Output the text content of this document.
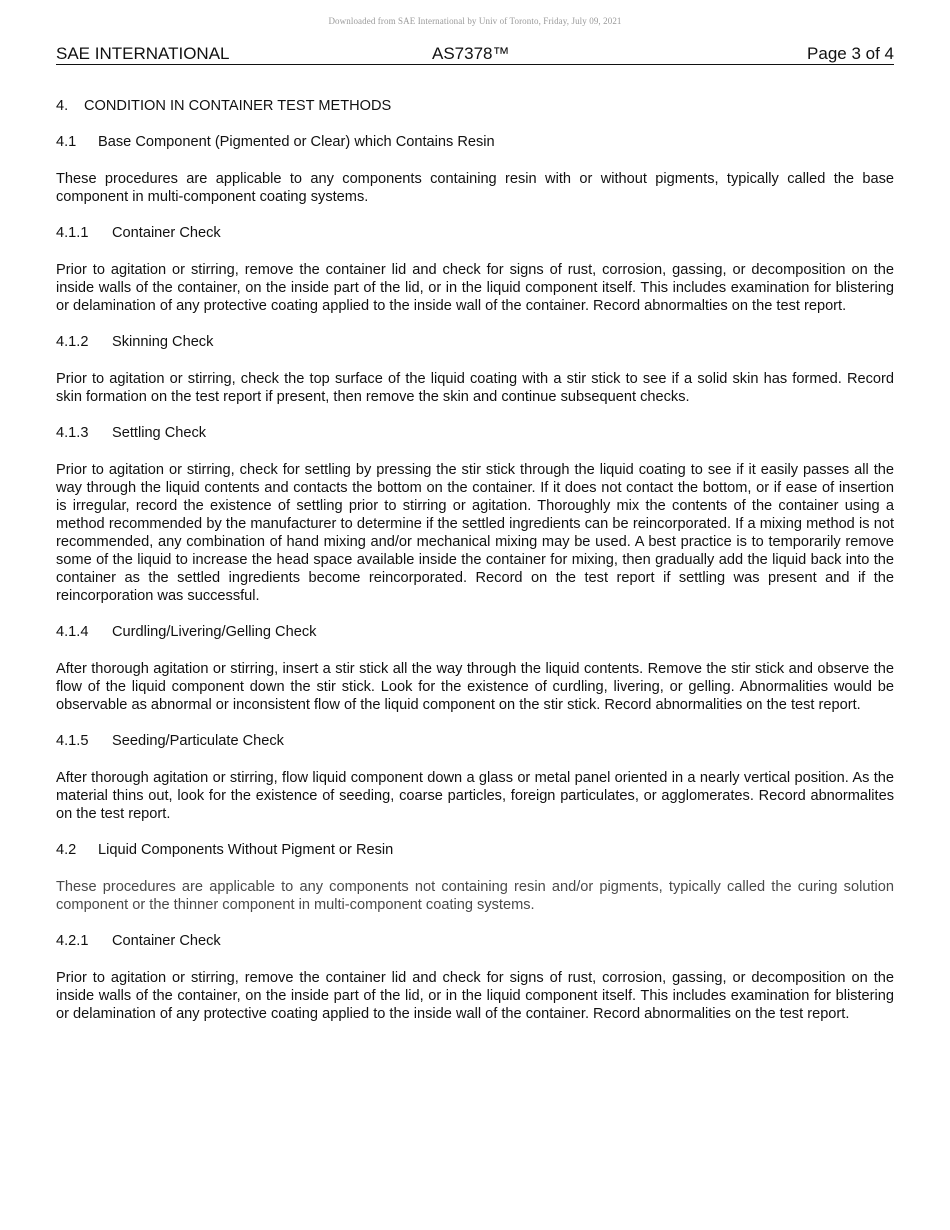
Downloaded from SAE International by Univ of Toronto, Friday, July 09, 2021
SAE INTERNATIONAL	AS7378™	Page 3 of 4

4. CONDITION IN CONTAINER TEST METHODS

4.1 Base Component (Pigmented or Clear) which Contains Resin

These procedures are applicable to any components containing resin with or without pigments, typically called the base component in multi-component coating systems.

4.1.1 Container Check

Prior to agitation or stirring, remove the container lid and check for signs of rust, corrosion, gassing, or decomposition on the inside walls of the container, on the inside part of the lid, or in the liquid component itself. This includes examination for blistering or delamination of any protective coating applied to the inside wall of the container. Record abnormalties on the test report.

4.1.2 Skinning Check

Prior to agitation or stirring, check the top surface of the liquid coating with a stir stick to see if a solid skin has formed. Record skin formation on the test report if present, then remove the skin and continue subsequent checks.

4.1.3 Settling Check

Prior to agitation or stirring, check for settling by pressing the stir stick through the liquid coating to see if it easily passes all the way through the liquid contents and contacts the bottom on the container. If it does not contact the bottom, or if ease of insertion is irregular, record the existence of settling prior to stirring or agitation. Thoroughly mix the contents of the container using a method recommended by the manufacturer to determine if the settled ingredients can be reincorporated. If a mixing method is not recommended, any combination of hand mixing and/or mechanical mixing may be used. A best practice is to temporarily remove some of the liquid to increase the head space available inside the container for mixing, then gradually add the liquid back into the container as the settled ingredients become reincorporated. Record on the test report if settling was present and if the reincorporation was successful.

4.1.4 Curdling/Livering/Gelling Check

After thorough agitation or stirring, insert a stir stick all the way through the liquid contents. Remove the stir stick and observe the flow of the liquid component down the stir stick. Look for the existence of curdling, livering, or gelling. Abnormalities would be observable as abnormal or inconsistent flow of the liquid component on the stir stick. Record abnormalities on the test report.

4.1.5 Seeding/Particulate Check

After thorough agitation or stirring, flow liquid component down a glass or metal panel oriented in a nearly vertical position. As the material thins out, look for the existence of seeding, coarse particles, foreign particulates, or agglomerates. Record abnormalites on the test report.

4.2 Liquid Components Without Pigment or Resin

These procedures are applicable to any components not containing resin and/or pigments, typically called the curing solution component or the thinner component in multi-component coating systems.

4.2.1 Container Check

Prior to agitation or stirring, remove the container lid and check for signs of rust, corrosion, gassing, or decomposition on the inside walls of the container, on the inside part of the lid, or in the liquid component itself. This includes examination for blistering or delamination of any protective coating applied to the inside wall of the container. Record abnormalities on the test report.
